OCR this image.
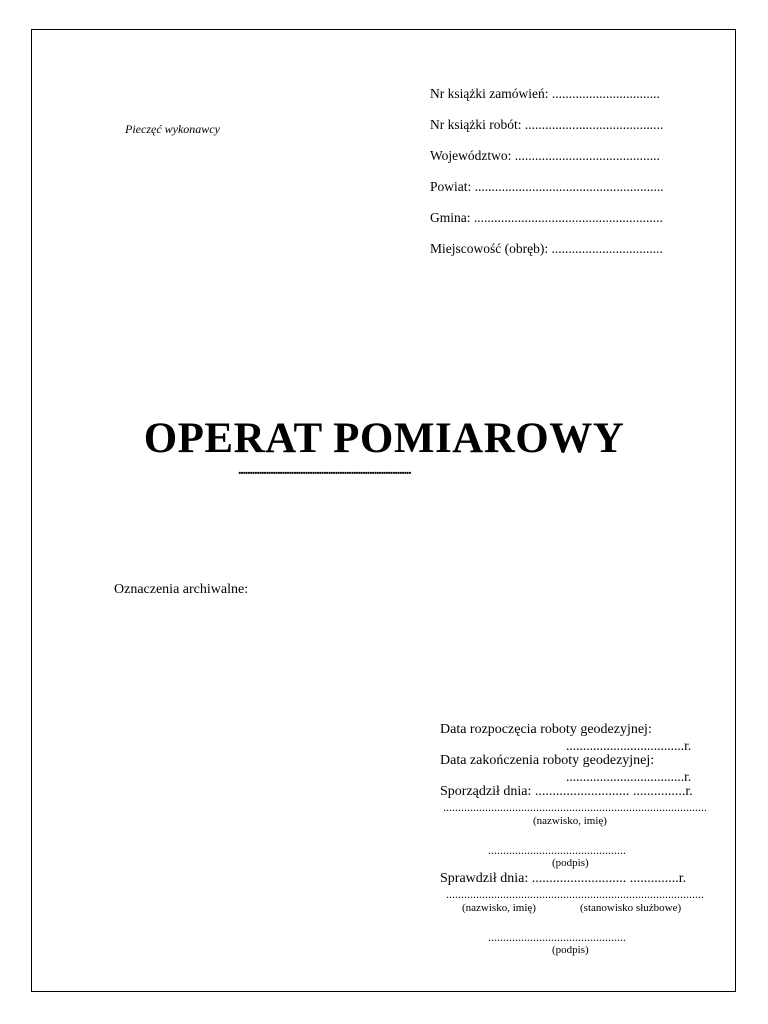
Pieczęć wykonawcy
Nr książki zamówień: ................................
Nr książki robót: .........................................
Województwo: ...........................................
Powiat: ........................................................
Gmina: ........................................................
Miejscowość (obręb): .................................
OPERAT POMIAROWY
...........................................................................
Oznaczenia archiwalne:
Data rozpoczęcia roboty geodezyjnej:
...................................r.
Data zakończenia roboty geodezyjnej:
...................................r.
Sporządził dnia: ........................... ...............r.
........................................................................................
(nazwisko, imię)
..............................................
(podpis)
Sprawdził dnia: ........................... ..............r.
......................................................................................
(nazwisko, imię)	(stanowisko służbowe)
..............................................
(podpis)
